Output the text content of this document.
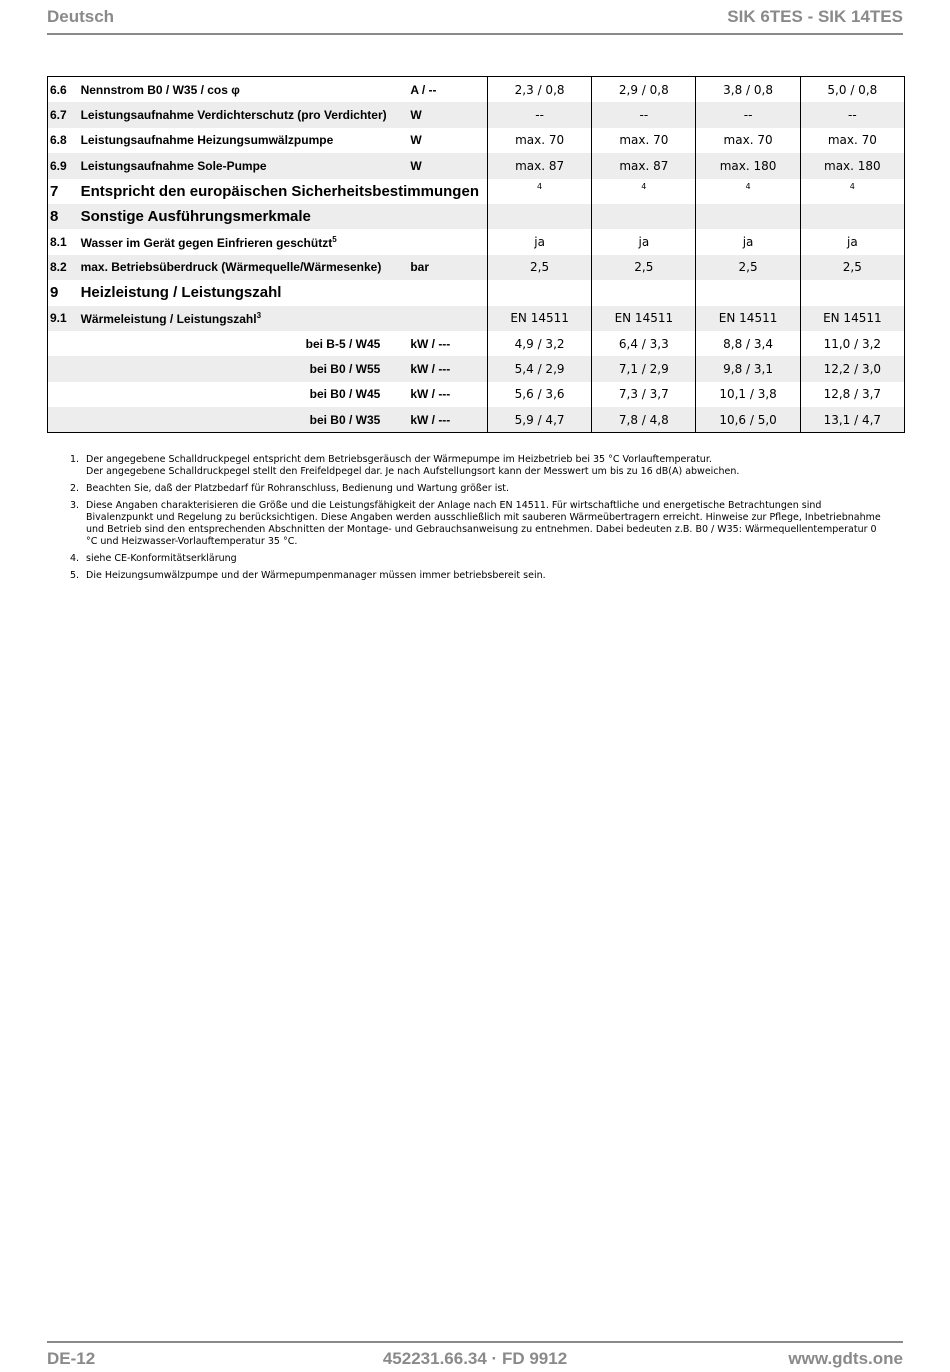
Deutsch	SIK 6TES - SIK 14TES
6.6	Nennstrom B0 / W35 / cos φ	A / --	2,3 / 0,8	2,9 / 0,8	3,8 / 0,8	5,0 / 0,8
6.7	Leistungsaufnahme Verdichterschutz (pro Verdichter)	W	--	--	--	--
6.8	Leistungsaufnahme Heizungsumwälzpumpe	W	max. 70	max. 70	max. 70	max. 70
6.9	Leistungsaufnahme Sole-Pumpe	W	max. 87	max. 87	max. 180	max. 180
7	Entspricht den europäischen Sicherheitsbestimmungen		$^4$	$^4$	$^4$	$^4$
8	Sonstige Ausführungsmerkmale					
8.1	Wasser im Gerät gegen Einfrieren geschützt$^5$		ja	ja	ja	ja
8.2	max. Betriebsüberdruck (Wärmequelle/Wärmesenke)	bar	2,5	2,5	2,5	2,5
9	Heizleistung / Leistungszahl					
9.1	Wärmeleistung / Leistungszahl$^3$		EN 14511	EN 14511	EN 14511	EN 14511
bei B-5 / W45		kW / ---	4,9 / 3,2	6,4 / 3,3	8,8 / 3,4	11,0 / 3,2
bei B0 / W55		kW / ---	5,4 / 2,9	7,1 / 2,9	9,8 / 3,1	12,2 / 3,0
bei B0 / W45		kW / ---	5,6 / 3,6	7,3 / 3,7	10,1 / 3,8	12,8 / 3,7
bei B0 / W35		kW / ---	5,9 / 4,7	7,8 / 4,8	10,6 / 5,0	13,1 / 4,7
1. Der angegebene Schalldruckpegel entspricht dem Betriebsgeräusch der Wärmepumpe im Heizbetrieb bei 35 °C Vorlauftemperatur.

Der angegebene Schalldruckpegel stellt den Freifeldpegel dar. Je nach Aufstellungsort kann der Messwert um bis zu 16 dB(A) abweichen.

2. Beachten Sie, daß der Platzbedarf für Rohranschluss, Bedienung und Wartung größer ist.

3. Diese Angaben charakterisieren die Größe und die Leistungsfähigkeit der Anlage nach EN 14511. Für wirtschaftliche und energetische Betrachtungen sind Bivalenzpunkt und Regelung zu berücksichtigen. Diese Angaben werden ausschließlich mit sauberen Wärmeübertragern erreicht. Hinweise zur Pflege, Inbetriebnahme und Betrieb sind den entsprechenden Abschnitten der Montage- und Gebrauchsanweisung zu entnehmen. Dabei bedeuten z.B. B0 / W35: Wärmequellentemperatur 0 °C und Heizwasser-Vorlauftemperatur 35 °C.

4. siehe CE-Konformitätserklärung

5. Die Heizungsumwälzpumpe und der Wärmepumpenmanager müssen immer betriebsbereit sein.

DE-12	452231.66.34 · FD 9912	www.gdts.one
